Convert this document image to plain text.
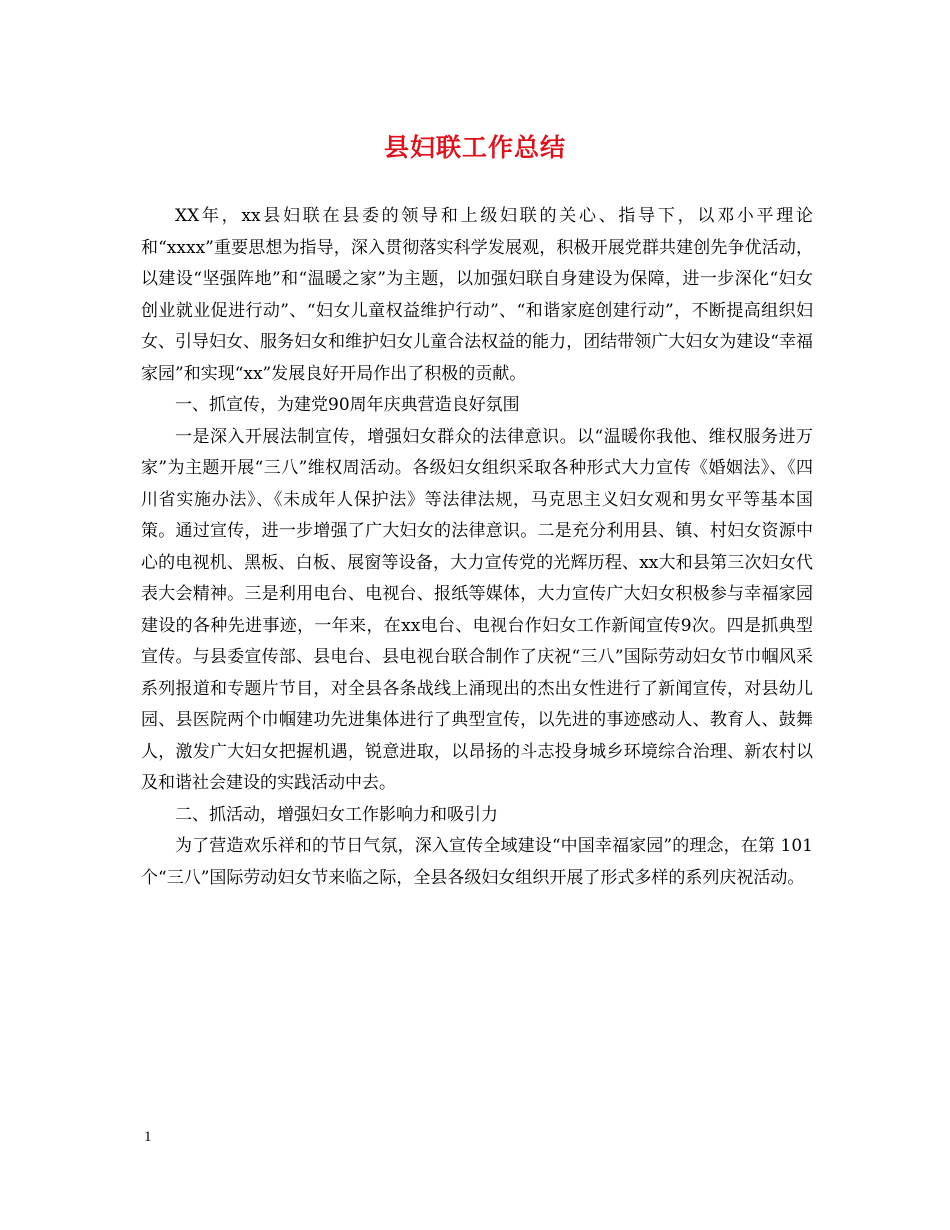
县妇联工作总结

XX年，xx县妇联在县委的领导和上级妇联的关心、指导下，以邓小平理论和“xxxx”重要思想为指导，深入贯彻落实科学发展观，积极开展党群共建创先争优活动，以建设“坚强阵地”和“温暖之家”为主题，以加强妇联自身建设为保障，进一步深化“妇女创业就业促进行动”、“妇女儿童权益维护行动”、“和谐家庭创建行动”，不断提高组织妇女、引导妇女、服务妇女和维护妇女儿童合法权益的能力，团结带领广大妇女为建设“幸福家园”和实现“xx”发展良好开局作出了积极的贡献。

一、抓宣传，为建党90周年庆典营造良好氛围

一是深入开展法制宣传，增强妇女群众的法律意识。以“温暖你我他、维权服务进万家”为主题开展“三八”维权周活动。各级妇女组织采取各种形式大力宣传《婚姻法》、《四川省实施办法》、《未成年人保护法》等法律法规，马克思主义妇女观和男女平等基本国策。通过宣传，进一步增强了广大妇女的法律意识。二是充分利用县、镇、村妇女资源中心的电视机、黑板、白板、展窗等设备，大力宣传党的光辉历程、xx大和县第三次妇女代表大会精神。三是利用电台、电视台、报纸等媒体，大力宣传广大妇女积极参与幸福家园建设的各种先进事迹，一年来，在xx电台、电视台作妇女工作新闻宣传9次。四是抓典型宣传。与县委宣传部、县电台、县电视台联合制作了庆祝“三八”国际劳动妇女节巾帼风采系列报道和专题片节目，对全县各条战线上涌现出的杰出女性进行了新闻宣传，对县幼儿园、县医院两个巾帼建功先进集体进行了典型宣传，以先进的事迹感动人、教育人、鼓舞人，激发广大妇女把握机遇，锐意进取，以昂扬的斗志投身城乡环境综合治理、新农村以及和谐社会建设的实践活动中去。

二、抓活动，增强妇女工作影响力和吸引力

为了营造欢乐祥和的节日气氛，深入宣传全域建设“中国幸福家园”的理念，在第 101个“三八”国际劳动妇女节来临之际，全县各级妇女组织开展了形式多样的系列庆祝活动。

1
